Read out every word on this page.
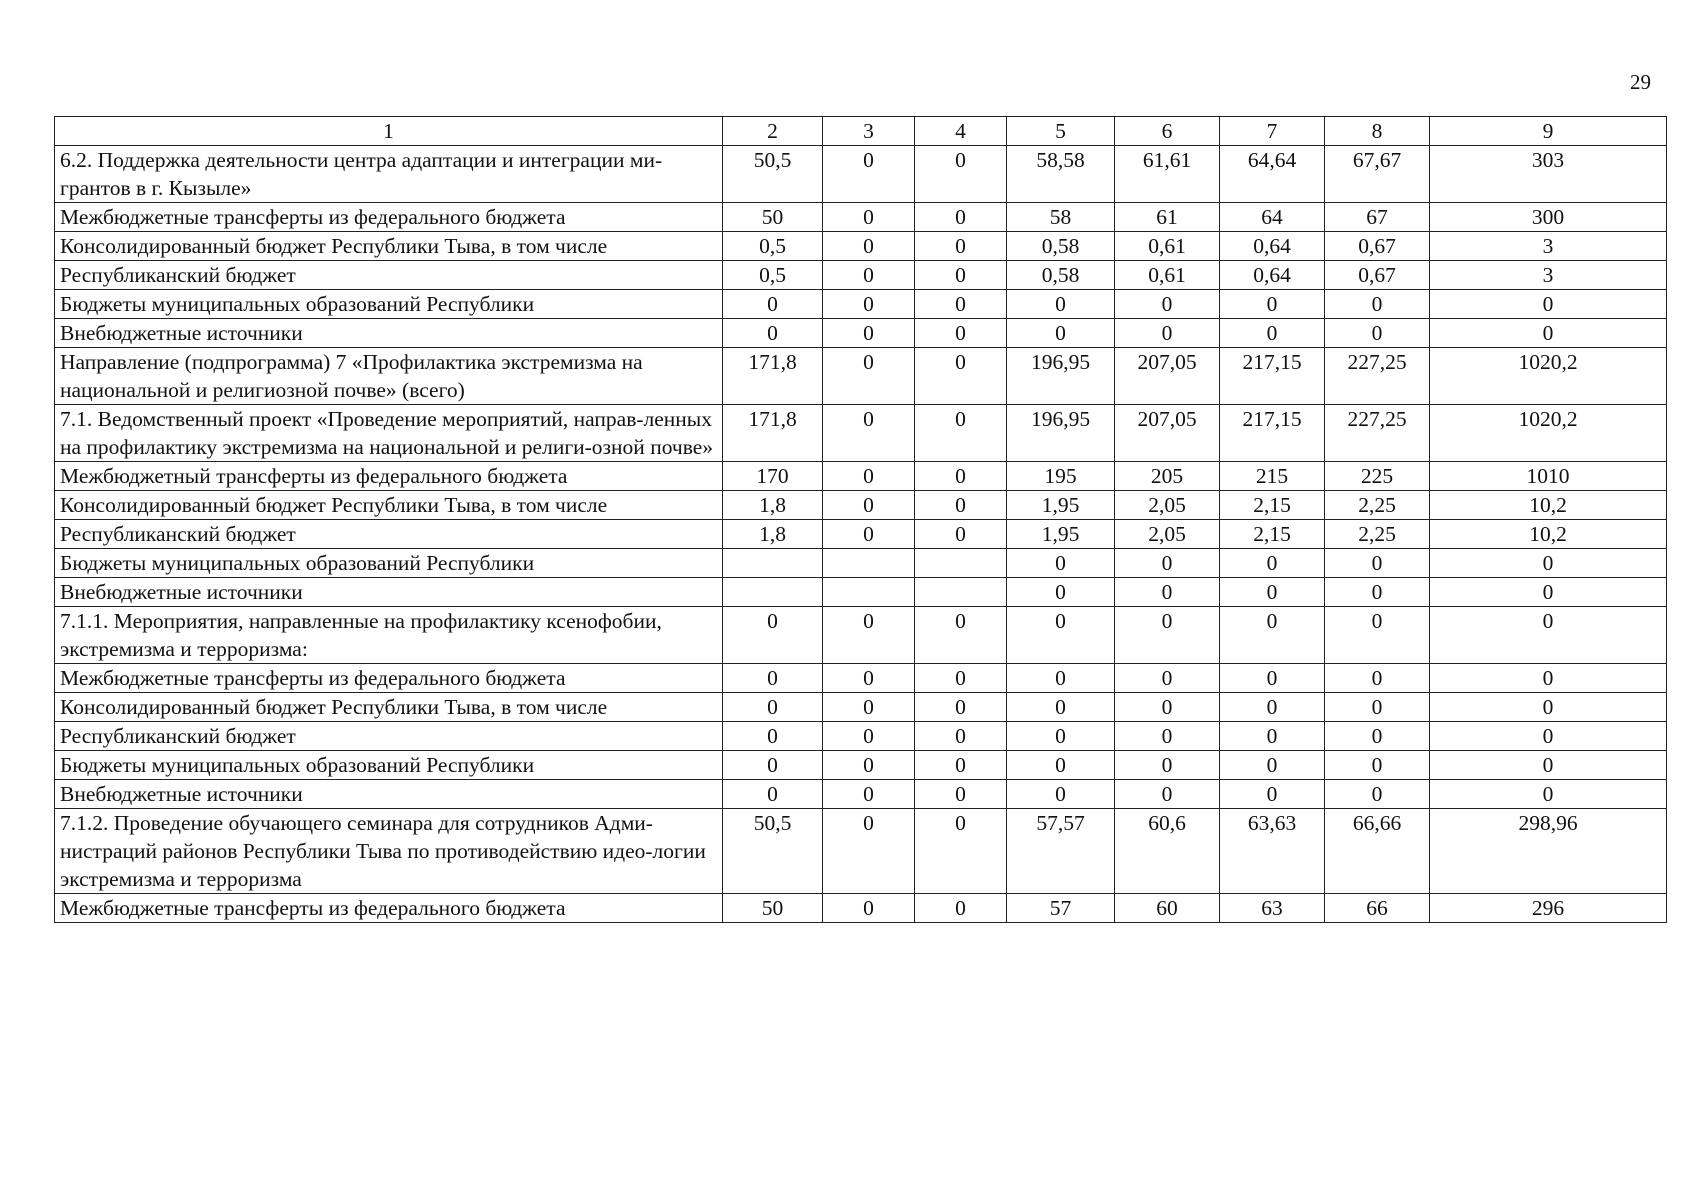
29
1	2	3	4	5	6	7	8	9
6.2. Поддержка деятельности центра адаптации и интеграции ми-грантов в г. Кызыле»	50,5	0	0	58,58	61,61	64,64	67,67	303
Межбюджетные трансферты из федерального бюджета	50	0	0	58	61	64	67	300
Консолидированный бюджет Республики Тыва, в том числе	0,5	0	0	0,58	0,61	0,64	0,67	3
Республиканский бюджет	0,5	0	0	0,58	0,61	0,64	0,67	3
Бюджеты муниципальных образований Республики	0	0	0	0	0	0	0	0
Внебюджетные источники	0	0	0	0	0	0	0	0
Направление (подпрограмма) 7 «Профилактика экстремизма на национальной и религиозной почве» (всего)	171,8	0	0	196,95	207,05	217,15	227,25	1020,2
7.1. Ведомственный проект «Проведение мероприятий, направ-ленных на профилактику экстремизма на национальной и религи-озной почве»	171,8	0	0	196,95	207,05	217,15	227,25	1020,2
Межбюджетный трансферты из федерального бюджета	170	0	0	195	205	215	225	1010
Консолидированный бюджет Республики Тыва, в том числе	1,8	0	0	1,95	2,05	2,15	2,25	10,2
Республиканский бюджет	1,8	0	0	1,95	2,05	2,15	2,25	10,2
Бюджеты муниципальных образований Республики				0	0	0	0	0
Внебюджетные источники				0	0	0	0	0
7.1.1. Мероприятия, направленные на профилактику ксенофобии, экстремизма и терроризма:	0	0	0	0	0	0	0	0
Межбюджетные трансферты из федерального бюджета	0	0	0	0	0	0	0	0
Консолидированный бюджет Республики Тыва, в том числе	0	0	0	0	0	0	0	0
Республиканский бюджет	0	0	0	0	0	0	0	0
Бюджеты муниципальных образований Республики	0	0	0	0	0	0	0	0
Внебюджетные источники	0	0	0	0	0	0	0	0
7.1.2. Проведение обучающего семинара для сотрудников Адми-нистраций районов Республики Тыва по противодействию идео-логии экстремизма и терроризма	50,5	0	0	57,57	60,6	63,63	66,66	298,96
Межбюджетные трансферты из федерального бюджета	50	0	0	57	60	63	66	296
